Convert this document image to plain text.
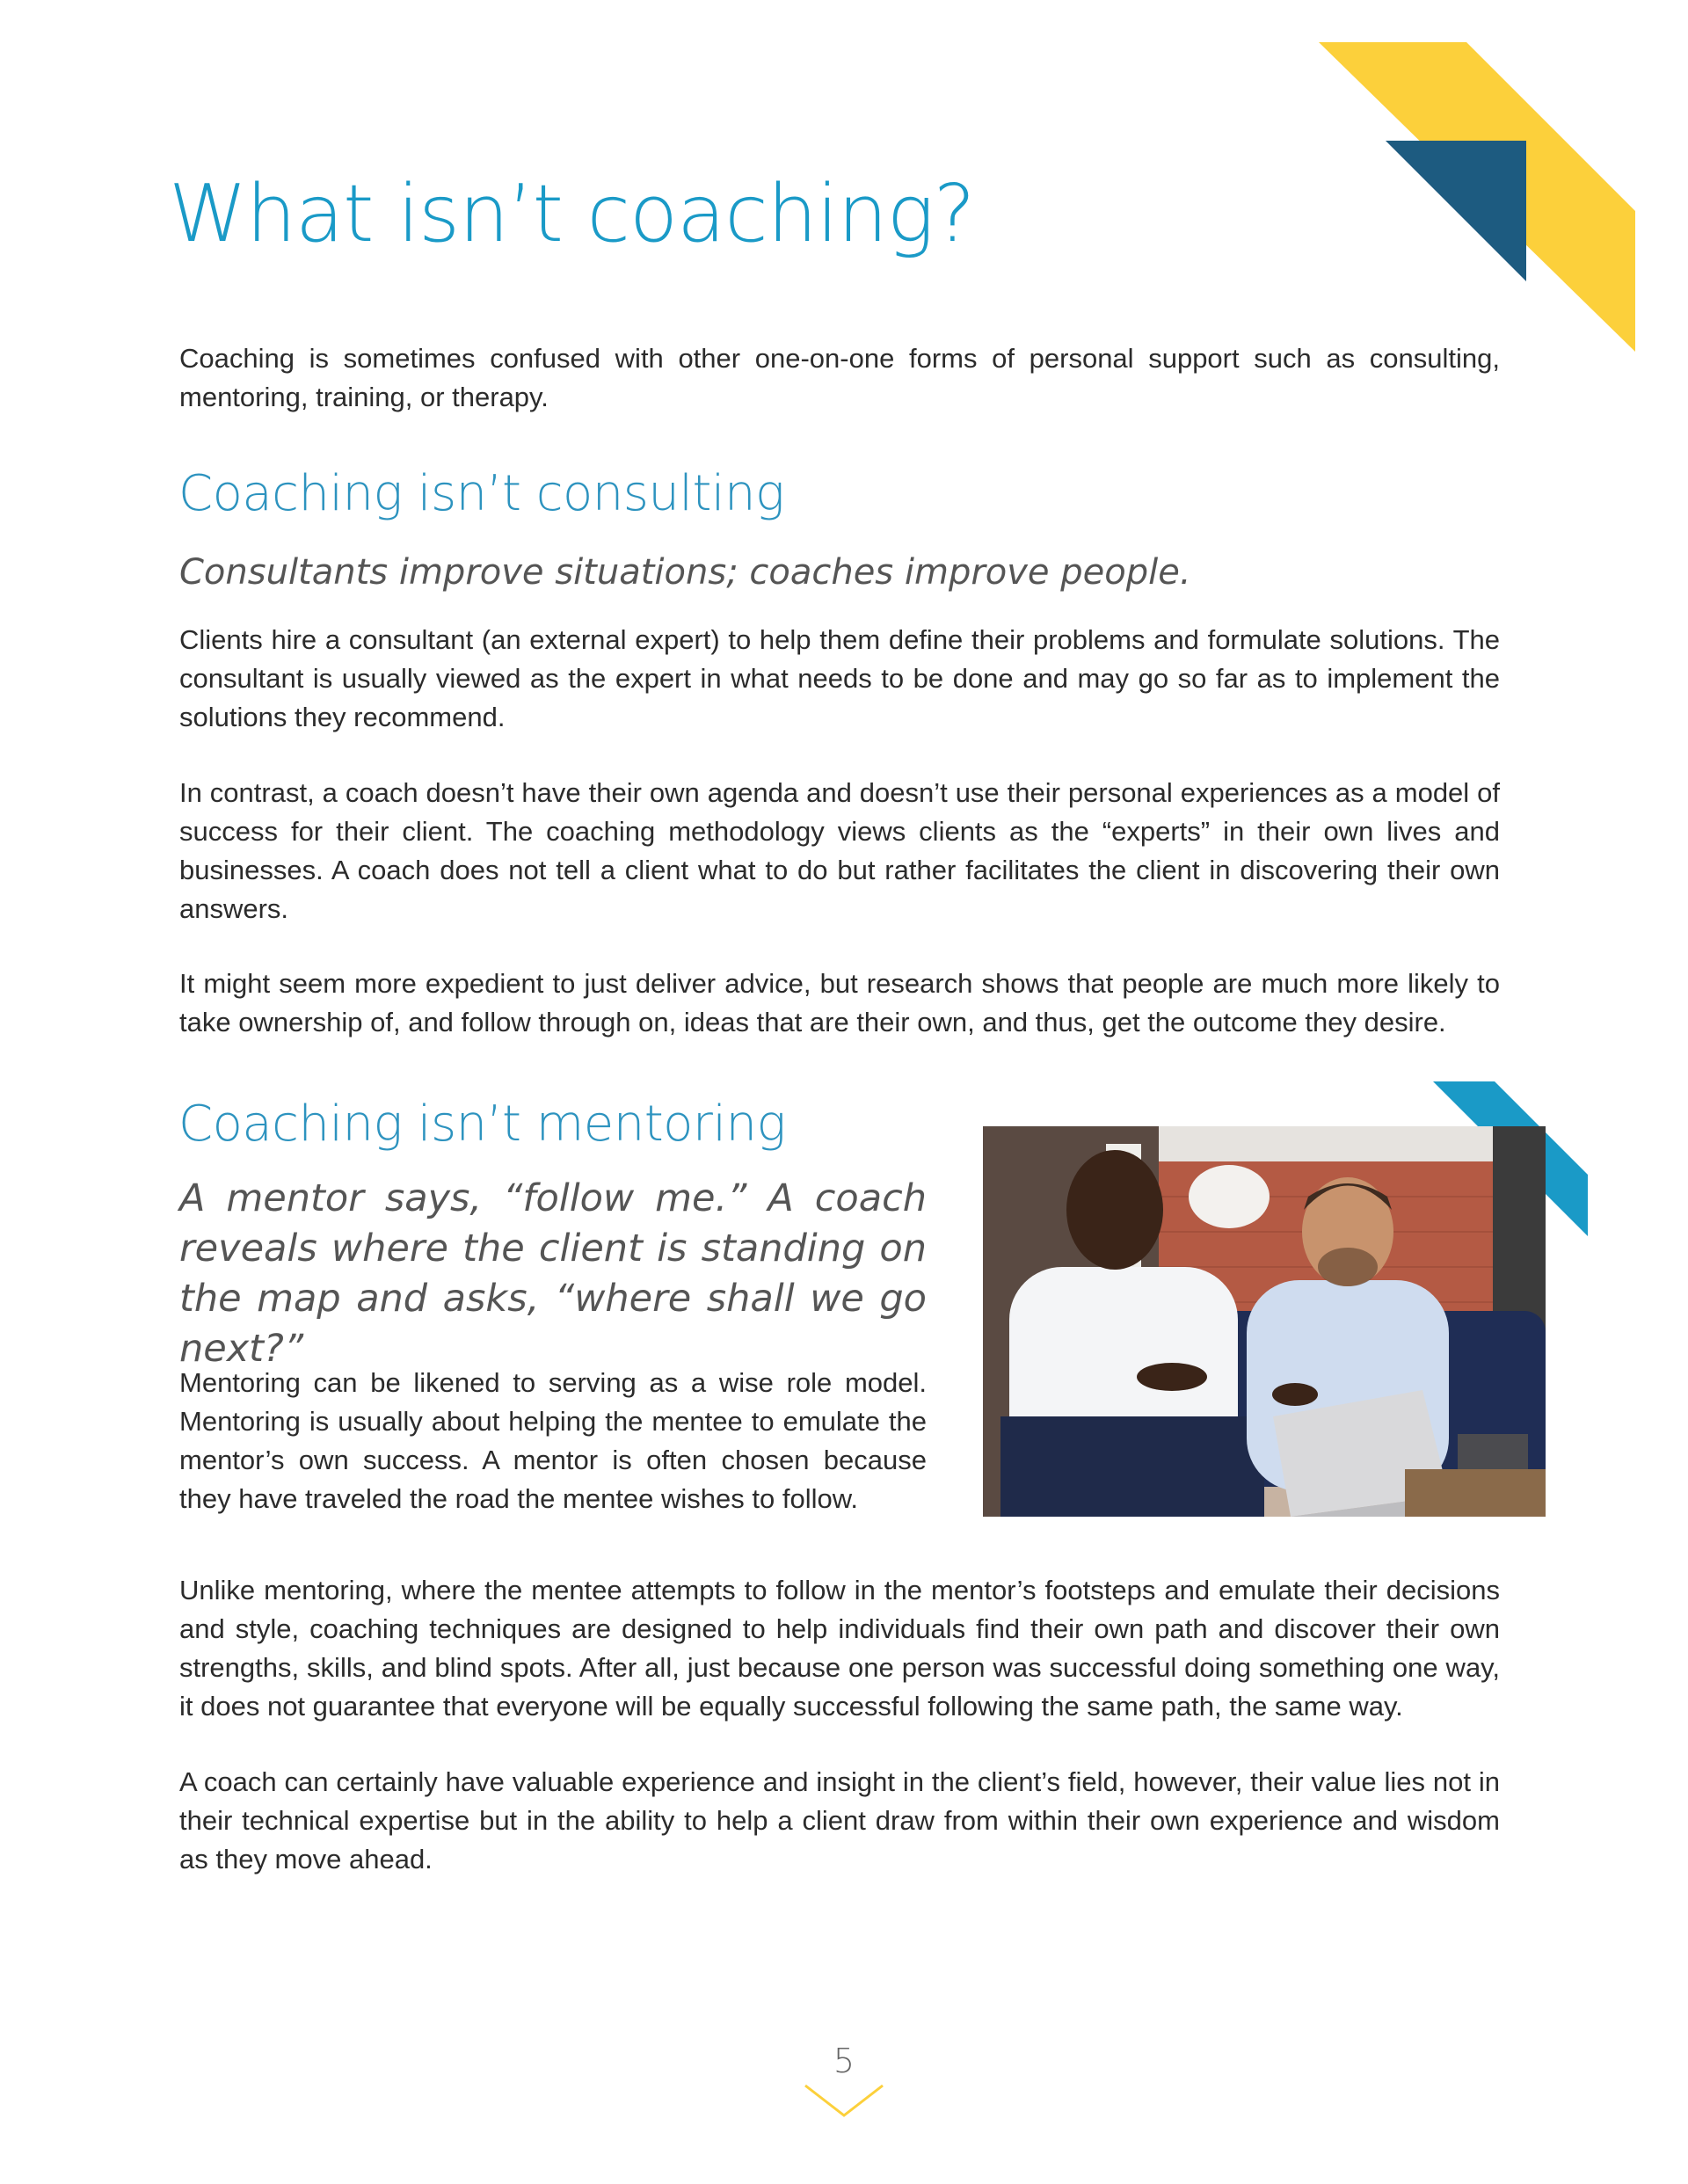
What isn’t coaching?

Coaching is sometimes confused with other one-on-one forms of personal support such as consulting, mentoring, training, or therapy.

Coaching isn’t consulting

Consultants improve situations; coaches improve people.

Clients hire a consultant (an external expert) to help them define their problems and formulate solutions. The consultant is usually viewed as the expert in what needs to be done and may go so far as to implement the solutions they recommend.

In contrast, a coach doesn’t have their own agenda and doesn’t use their personal experiences as a model of success for their client. The coaching methodology views clients as the “experts” in their own lives and businesses. A coach does not tell a client what to do but rather facilitates the client in discovering their own answers.

It might seem more expedient to just deliver advice, but research shows that people are much more likely to take ownership of, and follow through on, ideas that are their own, and thus, get the outcome they desire.

Coaching isn’t mentoring

A mentor says, “follow me.” A coach reveals where the client is standing on the map and asks, “where shall we go next?”

Mentoring can be likened to serving as a wise role model. Mentoring is usually about helping the mentee to emulate the mentor’s own success. A mentor is often chosen because they have traveled the road the mentee wishes to follow.

Unlike mentoring, where the mentee attempts to follow in the mentor’s footsteps and emulate their decisions and style, coaching techniques are designed to help individuals find their own path and discover their own strengths, skills, and blind spots. After all, just because one person was successful doing something one way, it does not guarantee that everyone will be equally successful following the same path, the same way.

A coach can certainly have valuable experience and insight in the client’s field, however, their value lies not in their technical expertise but in the ability to help a client draw from within their own experience and wisdom as they move ahead.

5
